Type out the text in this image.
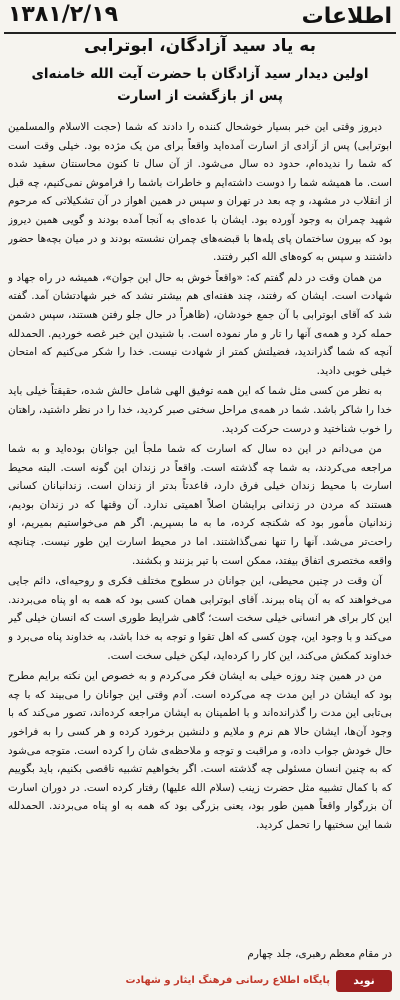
اطلاعات
۱۳۸۱/۲/۱۹
به یاد سید آزادگان، ابوترابی
اولین دیدار سید آزادگان با حضرت آیت الله خامنه‌ای
پس از بازگشت از اسارت

دیروز وقتی این خبر بسیار خوشحال کننده را دادند که شما (حجت الاسلام والمسلمین ابوترابی) پس از آزادی از اسارت آمده‌اید واقعاً برای من یک مژده بود. خیلی وقت است که شما را ندیده‌ام، حدود ده سال می‌شود. از آن سال تا کنون محاسنتان سفید شده است. ما همیشه شما را دوست داشته‌ایم و خاطرات باشما را فراموش نمی‌کنیم، چه قبل از انقلاب در مشهد، و چه بعد در تهران و سپس در همین اهواز در آن تشکیلاتی که مرحوم شهید چمران به وجود آورده بود. ایشان با عده‌ای به آنجا آمده بودند و گویی همین دیروز بود که بیرون ساختمان پای پله‌ها با قبضه‌های چمران نشسته بودند و در میان بچه‌ها حضور داشتند و سپس به کوه‌های الله اکبر رفتند.

من همان وقت در دلم گفتم که: «واقعاً خوش به حال این جوان»، همیشه در راه جهاد و شهادت است. ایشان که رفتند، چند هفته‌ای هم بیشتر نشد که خبر شهادتشان آمد. گفته شد که آقای ابوترابی با آن جمع خودشان، (ظاهراً در حال جلو رفتن هستند، سپس دشمن حمله کرد و همه‌ی آنها را تار و مار نموده است. با شنیدن این خبر غصه خوردیم. الحمدلله آنچه که شما گذراندید، فضیلتش کمتر از شهادت نیست. خدا را شکر می‌کنیم که امتحان خیلی خوبی دادید.

به نظر من کسی مثل شما که این همه توفیق الهی شامل حالش شده، حقیقتاً خیلی باید خدا را شاکر باشد. شما در همه‌ی مراحل سختی صبر کردید، خدا را در نظر داشتید، راهتان را خوب شناختید و درست حرکت کردید.

من می‌دانم در این ده سال که اسارت که شما ملجأ این جوانان بوده‌اید و به شما مراجعه می‌کردند، به شما چه گذشته است. واقعاً در زندان این گونه است. البته محیط اسارت با محیط زندان خیلی فرق دارد، قاعدتاً بدتر از زندان است. زندانبانان کسانی هستند که مردن در زندانی برایشان اصلاً اهمیتی ندارد. آن وقتها که در زندان بودیم، زندانیان مأمور بود که شکنجه کرده، ما به ما بسپریم. اگر هم می‌خواستیم بمیریم، او راحت‌تر می‌شد. آنها را تنها نمی‌گذاشتند. اما در محیط اسارت این طور نیست. چنانچه واقعه مختصری اتفاق بیفتد، ممکن است با تیر بزنند و بکشند.

آن وقت در چنین محیطی، این جوانان در سطوح مختلف فکری و روحیه‌ای، دائم جایی می‌خواهند که به آن پناه ببرند. آقای ابوترابی همان کسی بود که همه به او پناه می‌بردند. این کار برای هر انسانی خیلی سخت است؛ گاهی شرایط طوری است که انسان خیلی گیر می‌کند و با وجود این، چون کسی که اهل تقوا و توجه به خدا باشد، به خداوند پناه می‌برد و خداوند کمکش می‌کند، این کار را کرده‌اید، لیکن خیلی سخت است.

من در همین چند روزه خیلی به ایشان فکر می‌کردم و به خصوص این نکته برایم مطرح بود که ایشان در این مدت چه می‌کرده است. آدم وقتی این جوانان را می‌بیند که با چه بی‌تابی این مدت را گذرانده‌اند و با اطمینان به ایشان مراجعه کرده‌اند، تصور می‌کند که با وجود آن‌ها، ایشان حالا هم نرم و ملایم و دلنشین برخورد کرده و هر کسی را به فراخور حال خودش جواب داده، و مراقبت و توجه و ملاحظه‌ی شان را کرده است. متوجه می‌شود که به چنین انسان مسئولی چه گذشته است. اگر بخواهیم تشبیه ناقصی بکنیم، باید بگوییم که با کمال تشبیه مثل حضرت زینب (سلام الله علیها) رفتار کرده است. در دوران اسارت آن بزرگوار واقعاً همین طور بود، یعنی بزرگی بود که همه به او پناه می‌بردند. الحمدلله شما این سختیها را تحمل کردید.

در مقام معظم رهبری، جلد چهارم
نوید
پایگاه اطلاع رسانی فرهنگ ایثار و شهادت
